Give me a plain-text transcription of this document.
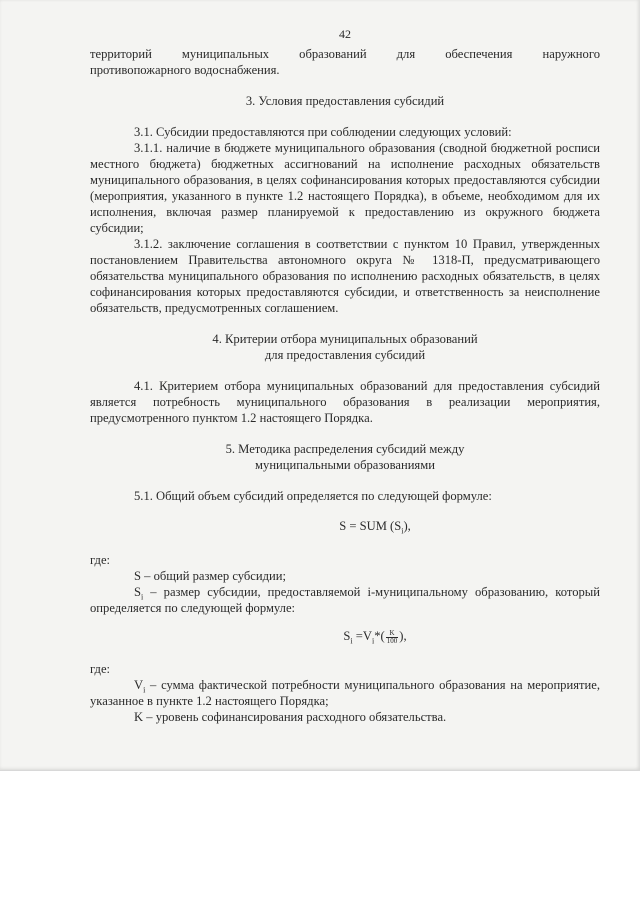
42

территорий муниципальных образований для обеспечения наружного

противопожарного водоснабжения.

3. Условия предоставления субсидий

3.1. Субсидии предоставляются при соблюдении следующих условий:

3.1.1. наличие в бюджете муниципального образования (сводной бюджетной росписи местного бюджета) бюджетных ассигнований на исполнение расходных обязательств муниципального образования, в целях софинансирования которых предоставляются субсидии (мероприятия, указанного в пункте 1.2 настоящего Порядка), в объеме, необходимом для их исполнения, включая размер планируемой к предоставлению из окружного бюджета субсидии;

3.1.2. заключение соглашения в соответствии с пунктом 10 Правил, утвержденных постановлением Правительства автономного округа № 1318-П, предусматривающего обязательства муниципального образования по исполнению расходных обязательств, в целях софинансирования которых предоставляются субсидии, и ответственность за неисполнение обязательств, предусмотренных соглашением.

4. Критерии отбора муниципальных образований
для предоставления субсидий

4.1. Критерием отбора муниципальных образований для предоставления субсидий является потребность муниципального образования в реализации мероприятия, предусмотренного пунктом 1.2 настоящего Порядка.

5. Методика распределения субсидий между
муниципальными образованиями

5.1. Общий объем субсидий определяется по следующей формуле:

S = SUM $(S_i)$,

где:

S – общий размер субсидии;

$S_i$ – размер субсидии, предоставляемой i-муниципальному образованию, который определяется по следующей формуле:

$S_i =V_i*( \frac{K}{100}$ ),

где:

$V_i$ – сумма фактической потребности муниципального образования на мероприятие, указанное в пункте 1.2 настоящего Порядка;

K – уровень софинансирования расходного обязательства.
